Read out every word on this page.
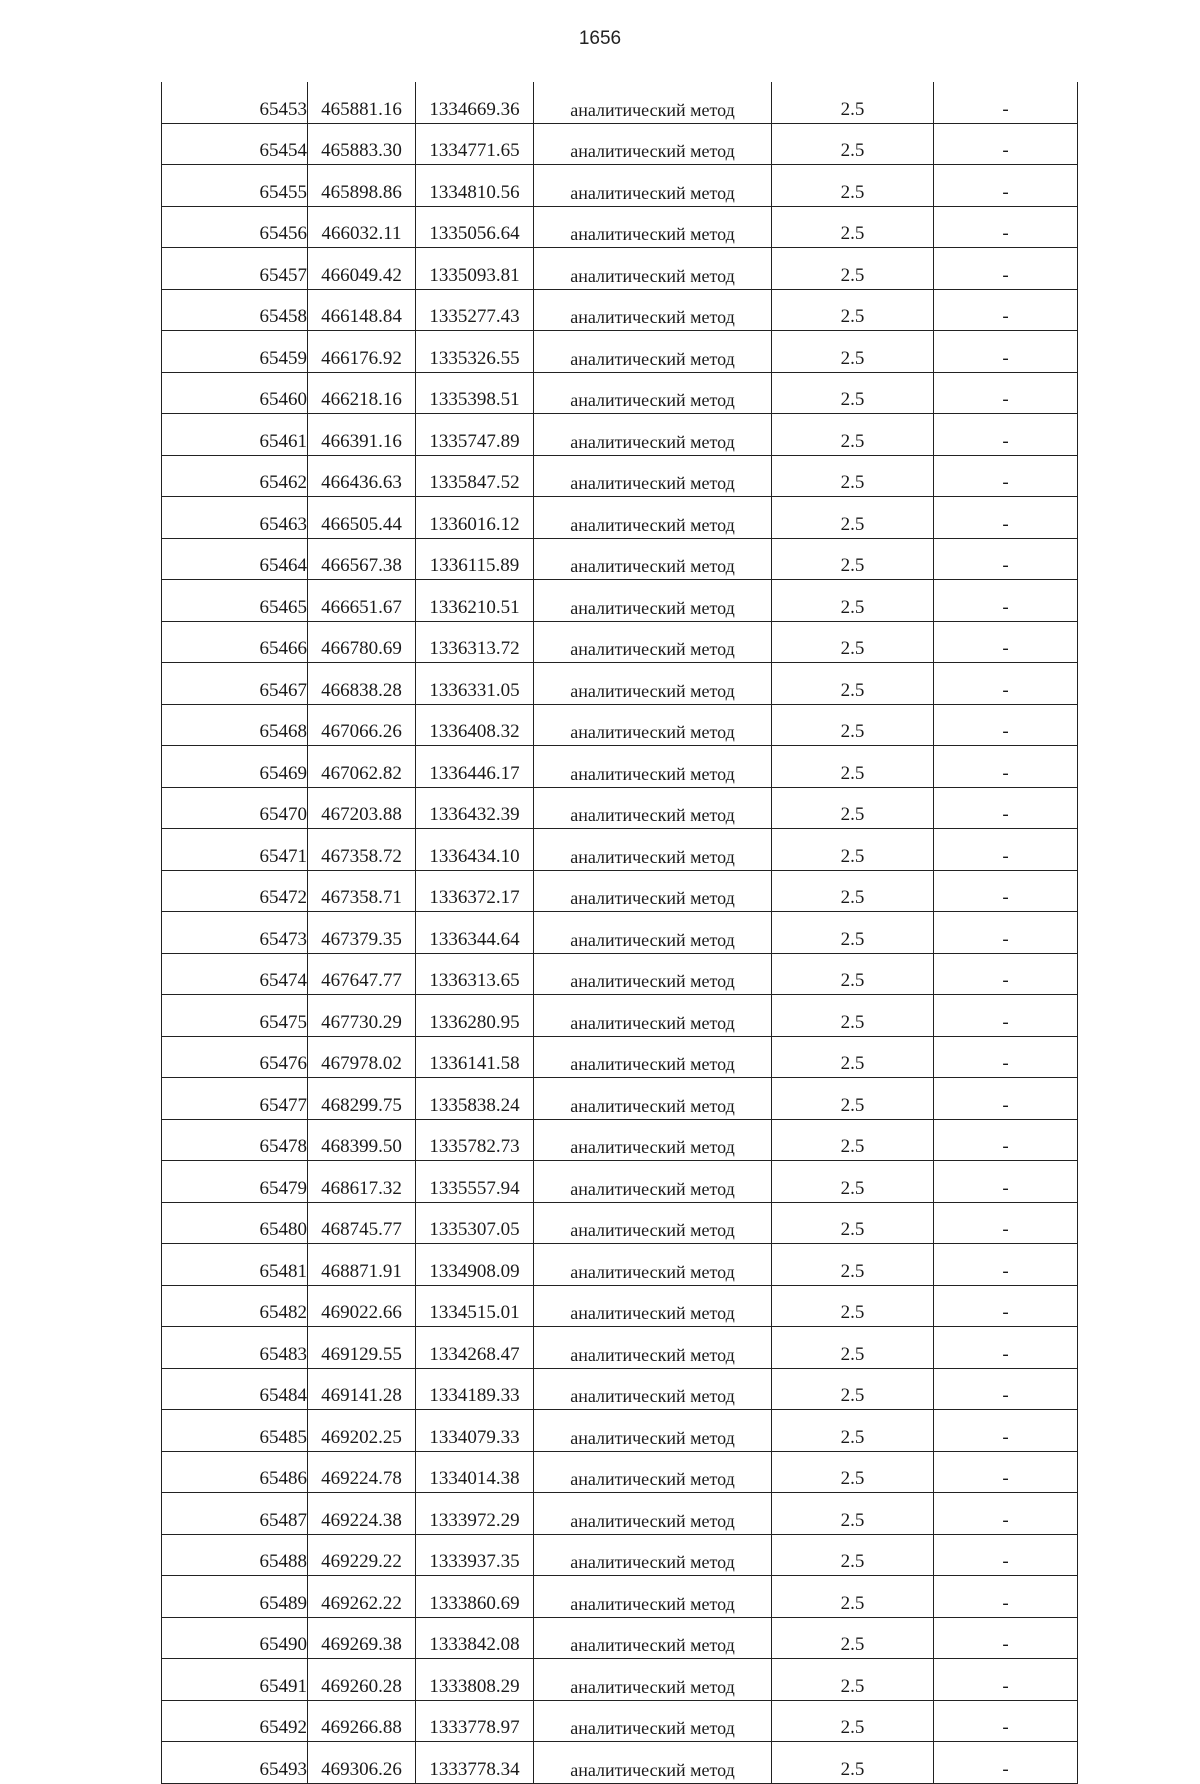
1656
65453	465881.16	1334669.36	аналитический метод	2.5	-
65454	465883.30	1334771.65	аналитический метод	2.5	-
65455	465898.86	1334810.56	аналитический метод	2.5	-
65456	466032.11	1335056.64	аналитический метод	2.5	-
65457	466049.42	1335093.81	аналитический метод	2.5	-
65458	466148.84	1335277.43	аналитический метод	2.5	-
65459	466176.92	1335326.55	аналитический метод	2.5	-
65460	466218.16	1335398.51	аналитический метод	2.5	-
65461	466391.16	1335747.89	аналитический метод	2.5	-
65462	466436.63	1335847.52	аналитический метод	2.5	-
65463	466505.44	1336016.12	аналитический метод	2.5	-
65464	466567.38	1336115.89	аналитический метод	2.5	-
65465	466651.67	1336210.51	аналитический метод	2.5	-
65466	466780.69	1336313.72	аналитический метод	2.5	-
65467	466838.28	1336331.05	аналитический метод	2.5	-
65468	467066.26	1336408.32	аналитический метод	2.5	-
65469	467062.82	1336446.17	аналитический метод	2.5	-
65470	467203.88	1336432.39	аналитический метод	2.5	-
65471	467358.72	1336434.10	аналитический метод	2.5	-
65472	467358.71	1336372.17	аналитический метод	2.5	-
65473	467379.35	1336344.64	аналитический метод	2.5	-
65474	467647.77	1336313.65	аналитический метод	2.5	-
65475	467730.29	1336280.95	аналитический метод	2.5	-
65476	467978.02	1336141.58	аналитический метод	2.5	-
65477	468299.75	1335838.24	аналитический метод	2.5	-
65478	468399.50	1335782.73	аналитический метод	2.5	-
65479	468617.32	1335557.94	аналитический метод	2.5	-
65480	468745.77	1335307.05	аналитический метод	2.5	-
65481	468871.91	1334908.09	аналитический метод	2.5	-
65482	469022.66	1334515.01	аналитический метод	2.5	-
65483	469129.55	1334268.47	аналитический метод	2.5	-
65484	469141.28	1334189.33	аналитический метод	2.5	-
65485	469202.25	1334079.33	аналитический метод	2.5	-
65486	469224.78	1334014.38	аналитический метод	2.5	-
65487	469224.38	1333972.29	аналитический метод	2.5	-
65488	469229.22	1333937.35	аналитический метод	2.5	-
65489	469262.22	1333860.69	аналитический метод	2.5	-
65490	469269.38	1333842.08	аналитический метод	2.5	-
65491	469260.28	1333808.29	аналитический метод	2.5	-
65492	469266.88	1333778.97	аналитический метод	2.5	-
65493	469306.26	1333778.34	аналитический метод	2.5	-
